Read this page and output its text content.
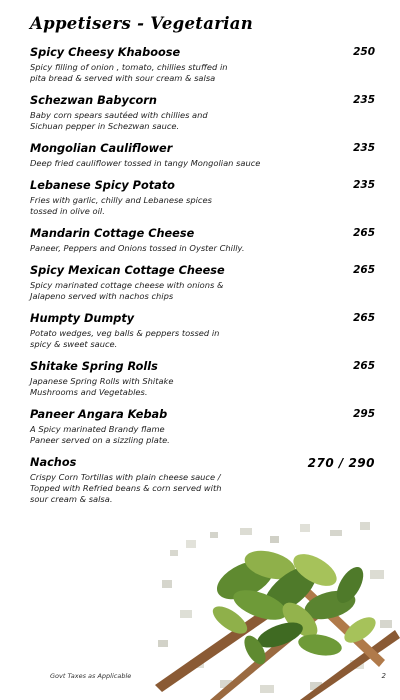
Appetisers - Vegetarian
Spicy Cheesy Khaboose	250
Spicy filling of onion , tomato, chillies stuffed in
pita bread & served with sour cream & salsa
Schezwan Babycorn	235
Baby corn spears sautéed with chillies and
Sichuan pepper in Schezwan sauce.
Mongolian Cauliflower	235
Deep fried cauliflower tossed in tangy Mongolian sauce
Lebanese Spicy Potato	235
Fries with garlic, chilly and Lebanese spices
tossed in olive oil.
Mandarin Cottage Cheese	265
Paneer, Peppers and Onions tossed in Oyster Chilly.
Spicy Mexican Cottage Cheese	265
Spicy marinated cottage cheese with onions &
Jalapeno served with nachos chips
Humpty Dumpty	265
Potato wedges, veg balls & peppers tossed in
spicy & sweet sauce.
Shitake Spring Rolls	265
Japanese Spring Rolls with Shitake
Mushrooms and Vegetables.
Paneer Angara Kebab	295
A Spicy marinated Brandy flame
Paneer served on a sizzling plate.
Nachos	270 / 290
Crispy Corn Tortillas with plain cheese sauce /
Topped with Refried beans & corn served with
sour cream & salsa.
Govt Taxes as Applicable	2
